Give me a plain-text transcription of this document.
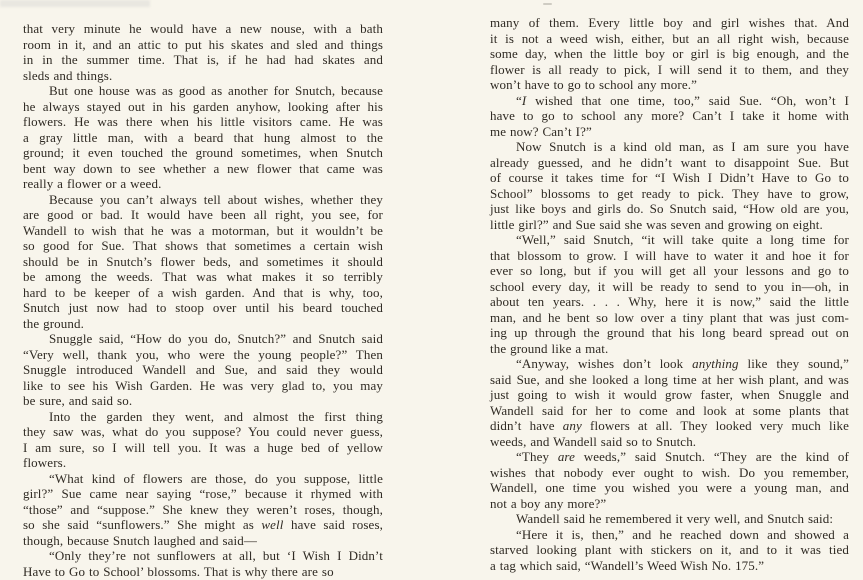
that very minute he would have a new nouse, with a bath
room in it, and an attic to put his skates and sled and things
in in the summer time. That is, if he had had skates and
sleds and things.
But one house was as good as another for Snutch, because
he always stayed out in his garden anyhow, looking after his
flowers. He was there when his little visitors came. He was
a gray little man, with a beard that hung almost to the
ground; it even touched the ground sometimes, when Snutch
bent way down to see whether a new flower that came was
really a flower or a weed.
Because you can’t always tell about wishes, whether they
are good or bad. It would have been all right, you see, for
Wandell to wish that he was a motorman, but it wouldn’t be
so good for Sue. That shows that sometimes a certain wish
should be in Snutch’s flower beds, and sometimes it should
be among the weeds. That was what makes it so terribly
hard to be keeper of a wish garden. And that is why, too,
Snutch just now had to stoop over until his beard touched
the ground.
Snuggle said, “How do you do, Snutch?” and Snutch said
“Very well, thank you, who were the young people?” Then
Snuggle introduced Wandell and Sue, and said they would
like to see his Wish Garden. He was very glad to, you may
be sure, and said so.
Into the garden they went, and almost the first thing
they saw was, what do you suppose? You could never guess,
I am sure, so I will tell you. It was a huge bed of yellow
flowers.
“What kind of flowers are those, do you suppose, little
girl?” Sue came near saying “rose,” because it rhymed with
“those” and “suppose.” She knew they weren’t roses, though,
so she said “sunflowers.” She might as well have said roses,
though, because Snutch laughed and said—
“Only they’re not sunflowers at all, but ‘I Wish I Didn’t
Have to Go to School’ blossoms. That is why there are so
many of them. Every little boy and girl wishes that. And
it is not a weed wish, either, but an all right wish, because
some day, when the little boy or girl is big enough, and the
flower is all ready to pick, I will send it to them, and they
won’t have to go to school any more.”
“I wished that one time, too,” said Sue. “Oh, won’t I
have to go to school any more? Can’t I take it home with
me now? Can’t I?”
Now Snutch is a kind old man, as I am sure you have
already guessed, and he didn’t want to disappoint Sue. But
of course it takes time for “I Wish I Didn’t Have to Go to
School” blossoms to get ready to pick. They have to grow,
just like boys and girls do. So Snutch said, “How old are you,
little girl?” and Sue said she was seven and growing on eight.
“Well,” said Snutch, “it will take quite a long time for
that blossom to grow. I will have to water it and hoe it for
ever so long, but if you will get all your lessons and go to
school every day, it will be ready to send to you in—oh, in
about ten years. . . . Why, here it is now,” said the little
man, and he bent so low over a tiny plant that was just com-
ing up through the ground that his long beard spread out on
the ground like a mat.
“Anyway, wishes don’t look anything like they sound,”
said Sue, and she looked a long time at her wish plant, and was
just going to wish it would grow faster, when Snuggle and
Wandell said for her to come and look at some plants that
didn’t have any flowers at all. They looked very much like
weeds, and Wandell said so to Snutch.
“They are weeds,” said Snutch. “They are the kind of
wishes that nobody ever ought to wish. Do you remember,
Wandell, one time you wished you were a young man, and
not a boy any more?”
Wandell said he remembered it very well, and Snutch said:
“Here it is, then,” and he reached down and showed a
starved looking plant with stickers on it, and to it was tied
a tag which said, “Wandell’s Weed Wish No. 175.”
